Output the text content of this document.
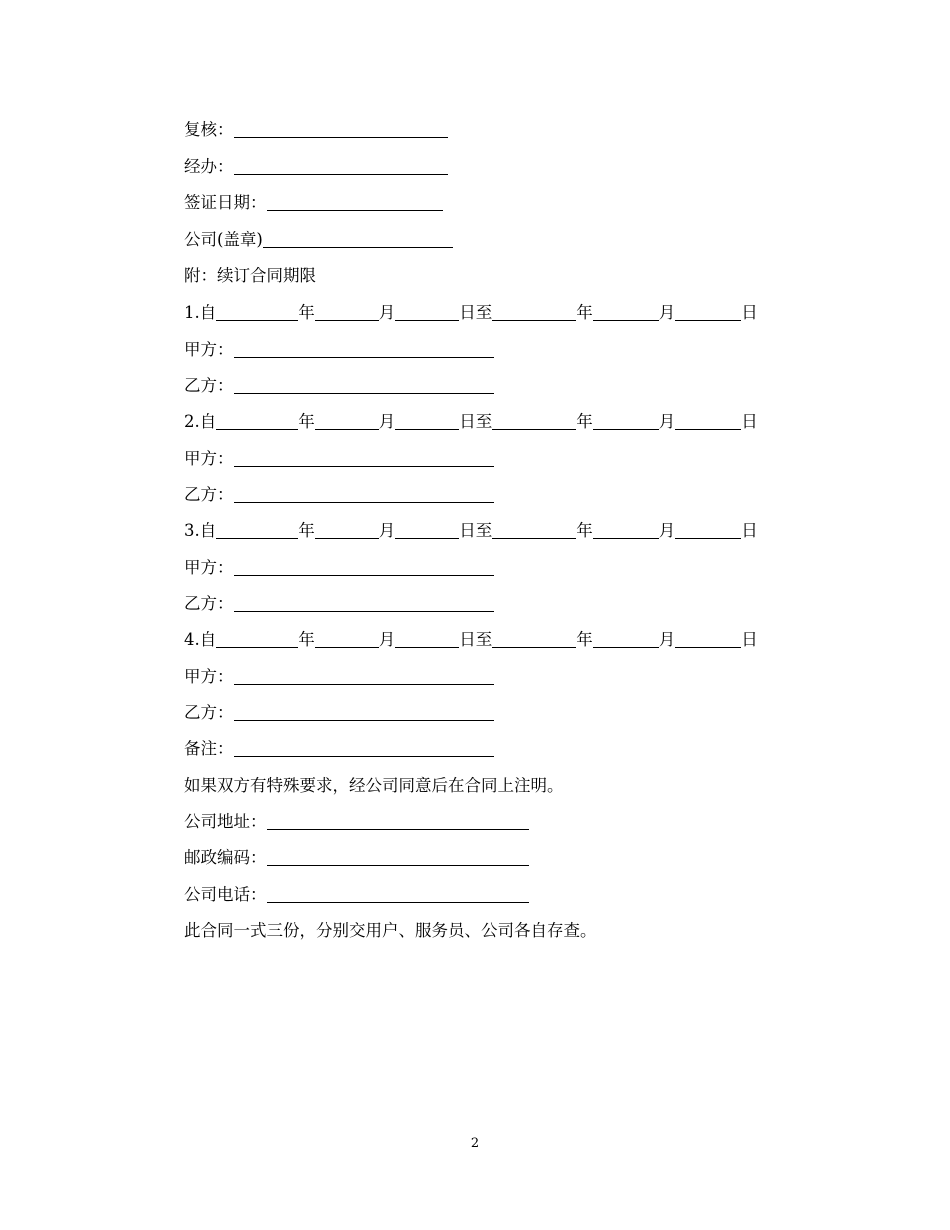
复核：
经办：
签证日期：
公司(盖章)
附：续订合同期限
1. 自	年	月	日至	年	月	日
甲方：
乙方：
2. 自	年	月	日至	年	月	日
甲方：
乙方：
3. 自	年	月	日至	年	月	日
甲方：
乙方：
4. 自	年	月	日至	年	月	日
甲方：
乙方：
备注：
如果双方有特殊要求，经公司同意后在合同上注明。
公司地址：
邮政编码：
公司电话：
此合同一式三份，分别交用户、服务员、公司各自存查。
2
